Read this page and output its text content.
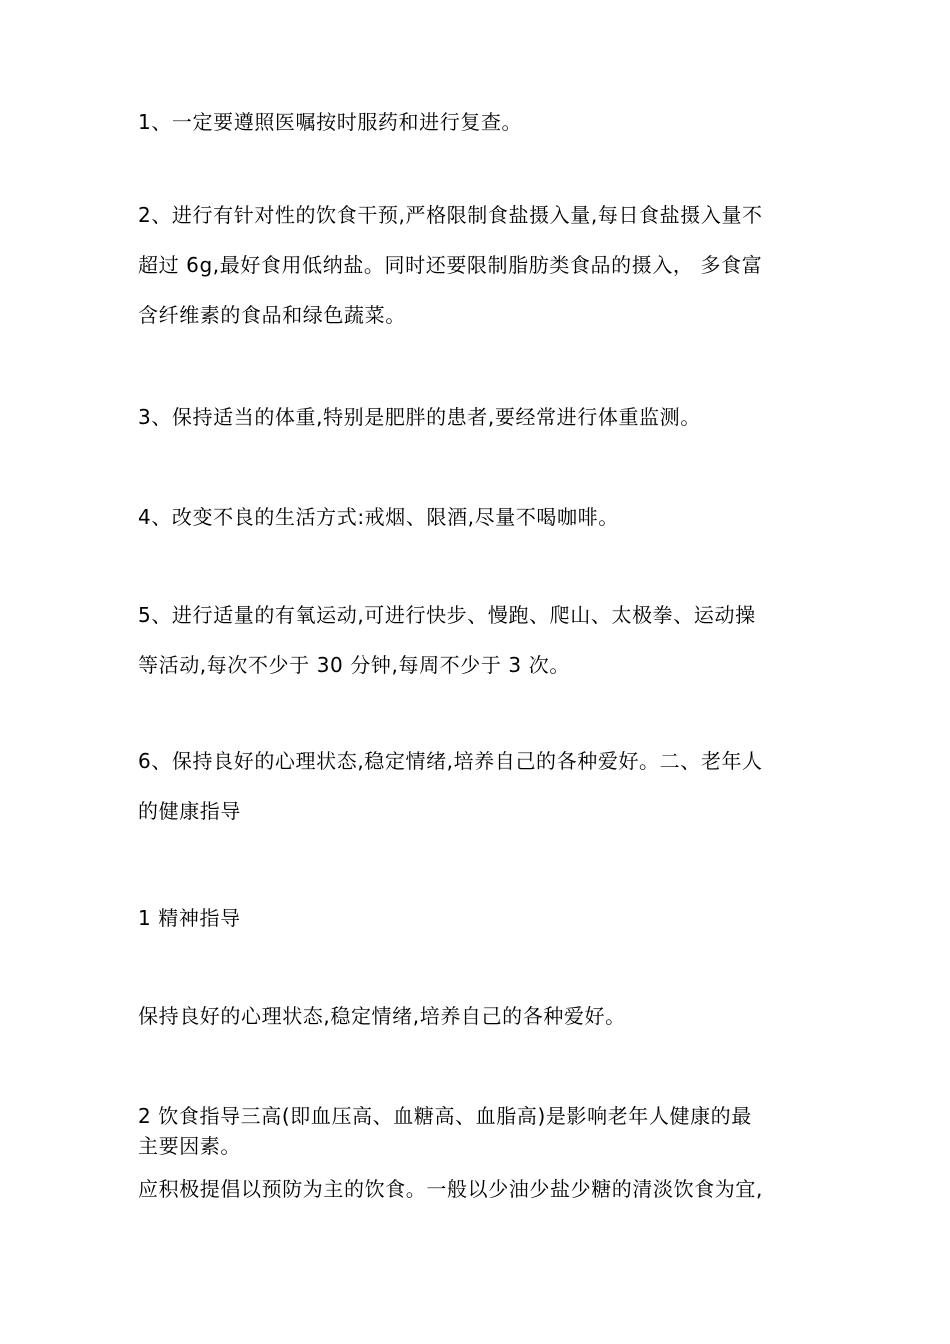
1、一定要遵照医嘱按时服药和进行复查。

2、进行有针对性的饮食干预,严格限制食盐摄入量,每日食盐摄入量不
超过 6g,最好食用低纳盐。同时还要限制脂肪类食品的摄入， 多食富
含纤维素的食品和绿色蔬菜。

3、保持适当的体重,特别是肥胖的患者,要经常进行体重监测。

4、改变不良的生活方式:戒烟、限酒,尽量不喝咖啡。

5、进行适量的有氧运动,可进行快步、慢跑、爬山、太极拳、运动操
等活动,每次不少于 30 分钟,每周不少于 3 次。

6、保持良好的心理状态,稳定情绪,培养自己的各种爱好。二、老年人
的健康指导

1 精神指导

保持良好的心理状态,稳定情绪,培养自己的各种爱好。

2 饮食指导三高(即血压高、血糖高、血脂高)是影响老年人健康的最
主要因素。

应积极提倡以预防为主的饮食。一般以少油少盐少糖的清淡饮食为宜,
